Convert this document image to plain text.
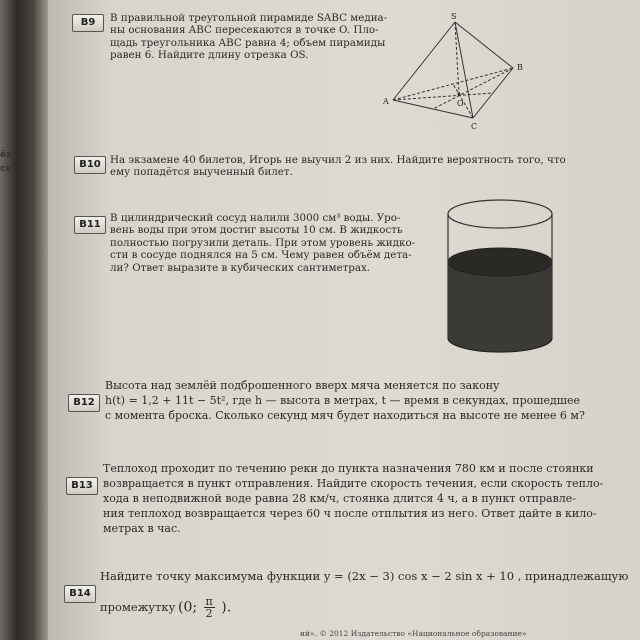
ёх
ск
B9	В правильной треугольной пирамиде SABC медиа-
ны основания ABC пересекаются в точке O. Пло-
щадь треугольника ABC равна 4; объем пирамиды
равен 6. Найдите длину отрезка OS.
S
A
B
C
O
B10 На экзамене 40 билетов, Игорь не выучил 2 из них. Найдите вероятность того, что
ему попадётся выученный билет.
B11
В цилиндрический сосуд налили 3000 см³ воды. Уро-
вень воды при этом достиг высоты 10 см. В жидкость
полностью погрузили деталь. При этом уровень жидко-
сти в сосуде поднялся на 5 см. Чему равен объём дета-
ли? Ответ выразите в кубических сантиметрах.
B12
Высота над землёй подброшенного вверх мяча меняется по закону
h(t) = 1,2 + 11t − 5t², где h — высота в метрах, t — время в секундах, прошедшее
с момента броска. Сколько секунд мяч будет находиться на высоте не менее 6 м?
B13
Теплоход проходит по течению реки до пункта назначения 780 км и после стоянки
возвращается в пункт отправления. Найдите скорость течения, если скорость тепло-
хода в неподвижной воде равна 28 км/ч, стоянка длится 4 ч, а в пункт отправле-
ния теплоход возвращается через 60 ч после отплытия из него. Ответ дайте в кило-
метрах в час.
B14
Найдите точку максимума функции y = (2x − 3) cos x − 2 sin x + 10 , принадлежащую
промежутку (0; $\frac{\pi}{2}$ ).
ий». © 2012 Издательство «Национальное образование»
